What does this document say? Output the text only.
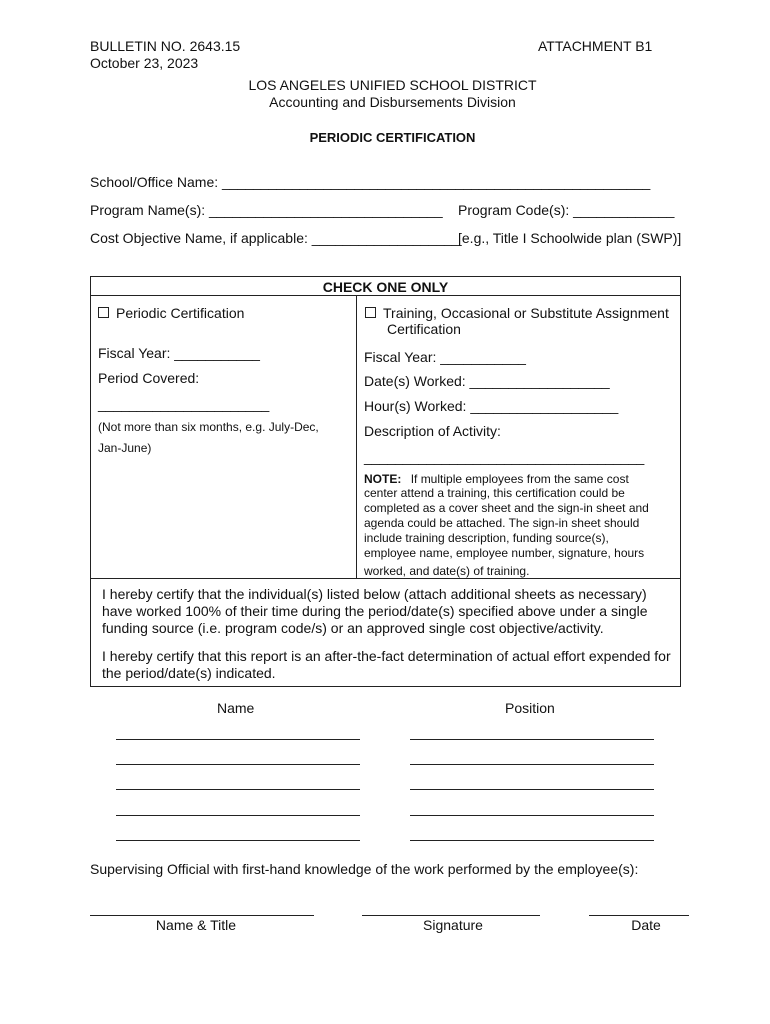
BULLETIN NO. 2643.15
October 23, 2023
ATTACHMENT B1
LOS ANGELES UNIFIED SCHOOL DISTRICT
Accounting and Disbursements Division
PERIODIC CERTIFICATION
School/Office Name: _______________________________________________________
Program Name(s): ______________________________ Program Code(s): _____________
Cost Objective Name, if applicable: ___________________
[e.g., Title I Schoolwide plan (SWP)]
CHECK ONE ONLY
Periodic Certification
Fiscal Year: ___________
Period Covered:
______________________
(Not more than six months, e.g. July-Dec,
Jan-June)
Training, Occasional or Substitute Assignment
Certification
Fiscal Year: ___________
Date(s) Worked: __________________
Hour(s) Worked: ___________________
Description of Activity:
____________________________________
NOTE: If multiple employees from the same cost
center attend a training, this certification could be
completed as a cover sheet and the sign-in sheet and
agenda could be attached. The sign-in sheet should
include training description, funding source(s),
employee name, employee number, signature, hours
worked, and date(s) of training.
I hereby certify that the individual(s) listed below (attach additional sheets as necessary)
have worked 100% of their time during the period/date(s) specified above under a single
funding source (i.e. program code/s) or an approved single cost objective/activity.
I hereby certify that this report is an after-the-fact determination of actual effort expended for
the period/date(s) indicated.
Name	Position
Supervising Official with first-hand knowledge of the work performed by the employee(s):
Name & Title	Signature	Date
